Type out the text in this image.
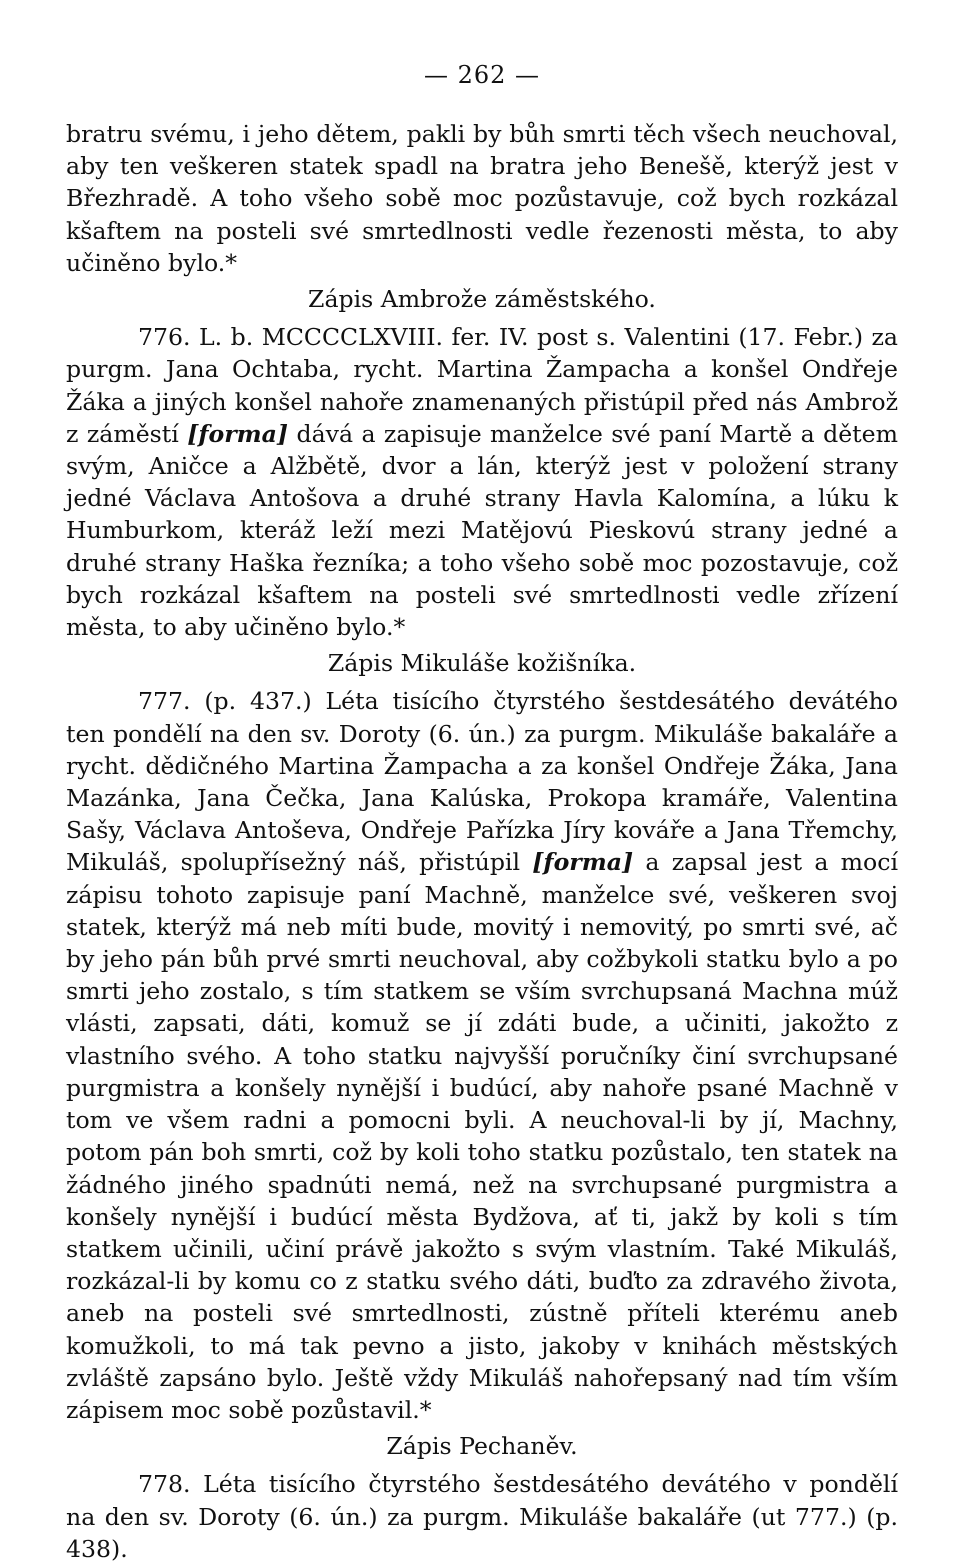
— 262 —

bratru svému, i jeho dětem, pakli by bůh smrti těch všech neuchoval, aby ten veškeren statek spadl na bratra jeho Benešě, kterýž jest v Březhradě. A toho všeho sobě moc pozůstavuje, což bych rozkázal kšaftem na posteli své smrtedlnosti vedle řezenosti města, to aby učiněno bylo.*

Zápis Ambrože záměstského.

776. L. b. MCCCCLXVIII. fer. IV. post s. Valentini (17. Febr.) za purgm. Jana Ochtaba, rycht. Martina Žampacha a konšel Ondřeje Žáka a jiných konšel nahoře znamenaných přistúpil před nás Ambrož z záměstí [forma] dává a zapisuje manželce své paní Martě a dětem svým, Aničce a Alžbětě, dvor a lán, kterýž jest v položení strany jedné Václava Antošova a druhé strany Havla Kalomína, a lúku k Humburkom, kteráž leží mezi Matějovú Pieskovú strany jedné a druhé strany Haška řezníka; a toho všeho sobě moc pozostavuje, což bych rozkázal kšaftem na posteli své smrtedlnosti vedle zřízení města, to aby učiněno bylo.*

Zápis Mikuláše kožišníka.

777. (p. 437.) Léta tisícího čtyrstého šestdesátého devátého ten pondělí na den sv. Doroty (6. ún.) za purgm. Mikuláše bakaláře a rycht. dědičného Martina Žampacha a za konšel Ondřeje Žáka, Jana Mazánka, Jana Čečka, Jana Kalúska, Prokopa kramáře, Valentina Sašy, Václava Antoševa, Ondřeje Pařízka Jíry kováře a Jana Třemchy, Mikuláš, spolupřísežný náš, přistúpil [forma] a zapsal jest a mocí zápisu tohoto zapisuje paní Machně, manželce své, veškeren svoj statek, kterýž má neb míti bude, movitý i nemovitý, po smrti své, ač by jeho pán bůh prvé smrti neuchoval, aby cožbykoli statku bylo a po smrti jeho zostalo, s tím statkem se vším svrchupsaná Machna múž vlásti, zapsati, dáti, komuž se jí zdáti bude, a učiniti, jakožto z vlastního svého. A toho statku najvyšší poručníky činí svrchupsané purgmistra a konšely nynější i budúcí, aby nahoře psané Machně v tom ve všem radni a pomocni byli. A neuchoval-li by jí, Machny, potom pán boh smrti, což by koli toho statku pozůstalo, ten statek na žádného jiného spadnúti nemá, než na svrchupsané purgmistra a konšely nynější i budúcí města Bydžova, ať ti, jakž by koli s tím statkem učinili, učiní právě jakožto s svým vlastním. Také Mikuláš, rozkázal-li by komu co z statku svého dáti, buďto za zdravého života, aneb na posteli své smrtedlnosti, zústně příteli kterému aneb komužkoli, to má tak pevno a jisto, jakoby v knihách městských zvláště zapsáno bylo. Ještě vždy Mikuláš nahořepsaný nad tím vším zápisem moc sobě pozůstavil.*

Zápis Pechaněv.

778. Léta tisícího čtyrstého šestdesátého devátého v pondělí na den sv. Doroty (6. ún.) za purgm. Mikuláše bakaláře (ut 777.) (p. 438).
